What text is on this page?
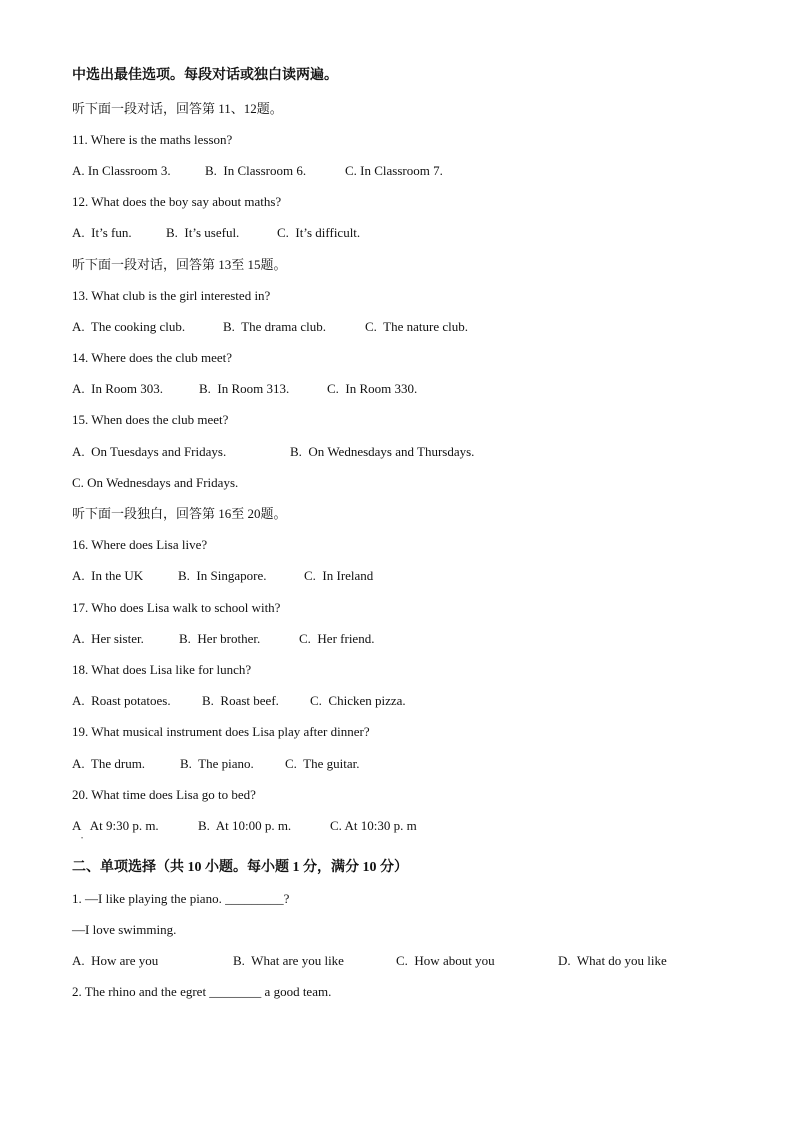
中选出最佳选项。每段对话或独白读两遍。
听下面一段对话，回答第 11、12题。
11. Where is the maths lesson?
A. In Classroom 3.	B.  In Classroom 6.	C. In Classroom 7.
12. What does the boy say about maths?
A.  It’s fun.	B.  It’s useful.	C.  It’s difficult.
听下面一段对话，回答第 13至 15题。
13. What club is the girl interested in?
A.  The cooking club.	B.  The drama club.	C.  The nature club.
14. Where does the club meet?
A.  In Room 303.	B.  In Room 313.	C.  In Room 330.
15. When does the club meet?
A.  On Tuesdays and Fridays.	B.  On Wednesdays and Thursdays.
C. On Wednesdays and Fridays.
听下面一段独白，回答第 16至 20题。
16. Where does Lisa live?
A.  In the UK	B.  In Singapore.	C.  In Ireland
17. Who does Lisa walk to school with?
A.  Her sister.	B.  Her brother.	C.  Her friend.
18. What does Lisa like for lunch?
A.  Roast potatoes. B.  Roast beef. C.  Chicken pizza.
19. What musical instrument does Lisa play after dinner?
A.  The drum.	B.  The piano. C.  The guitar.
20. What time does Lisa go to bed?
A   At 9:30 p. m.	B.  At 10:00 p. m.	C. At 10:30 p. m
•
二、单项选择（共 10 小题。每小题 1 分，满分 10 分）
1. —I like playing the piano. _________?
—I love swimming.
A.  How are you	B.  What are you like	C.  How about you	D.  What do you like
2. The rhino and the egret ________ a good team.
